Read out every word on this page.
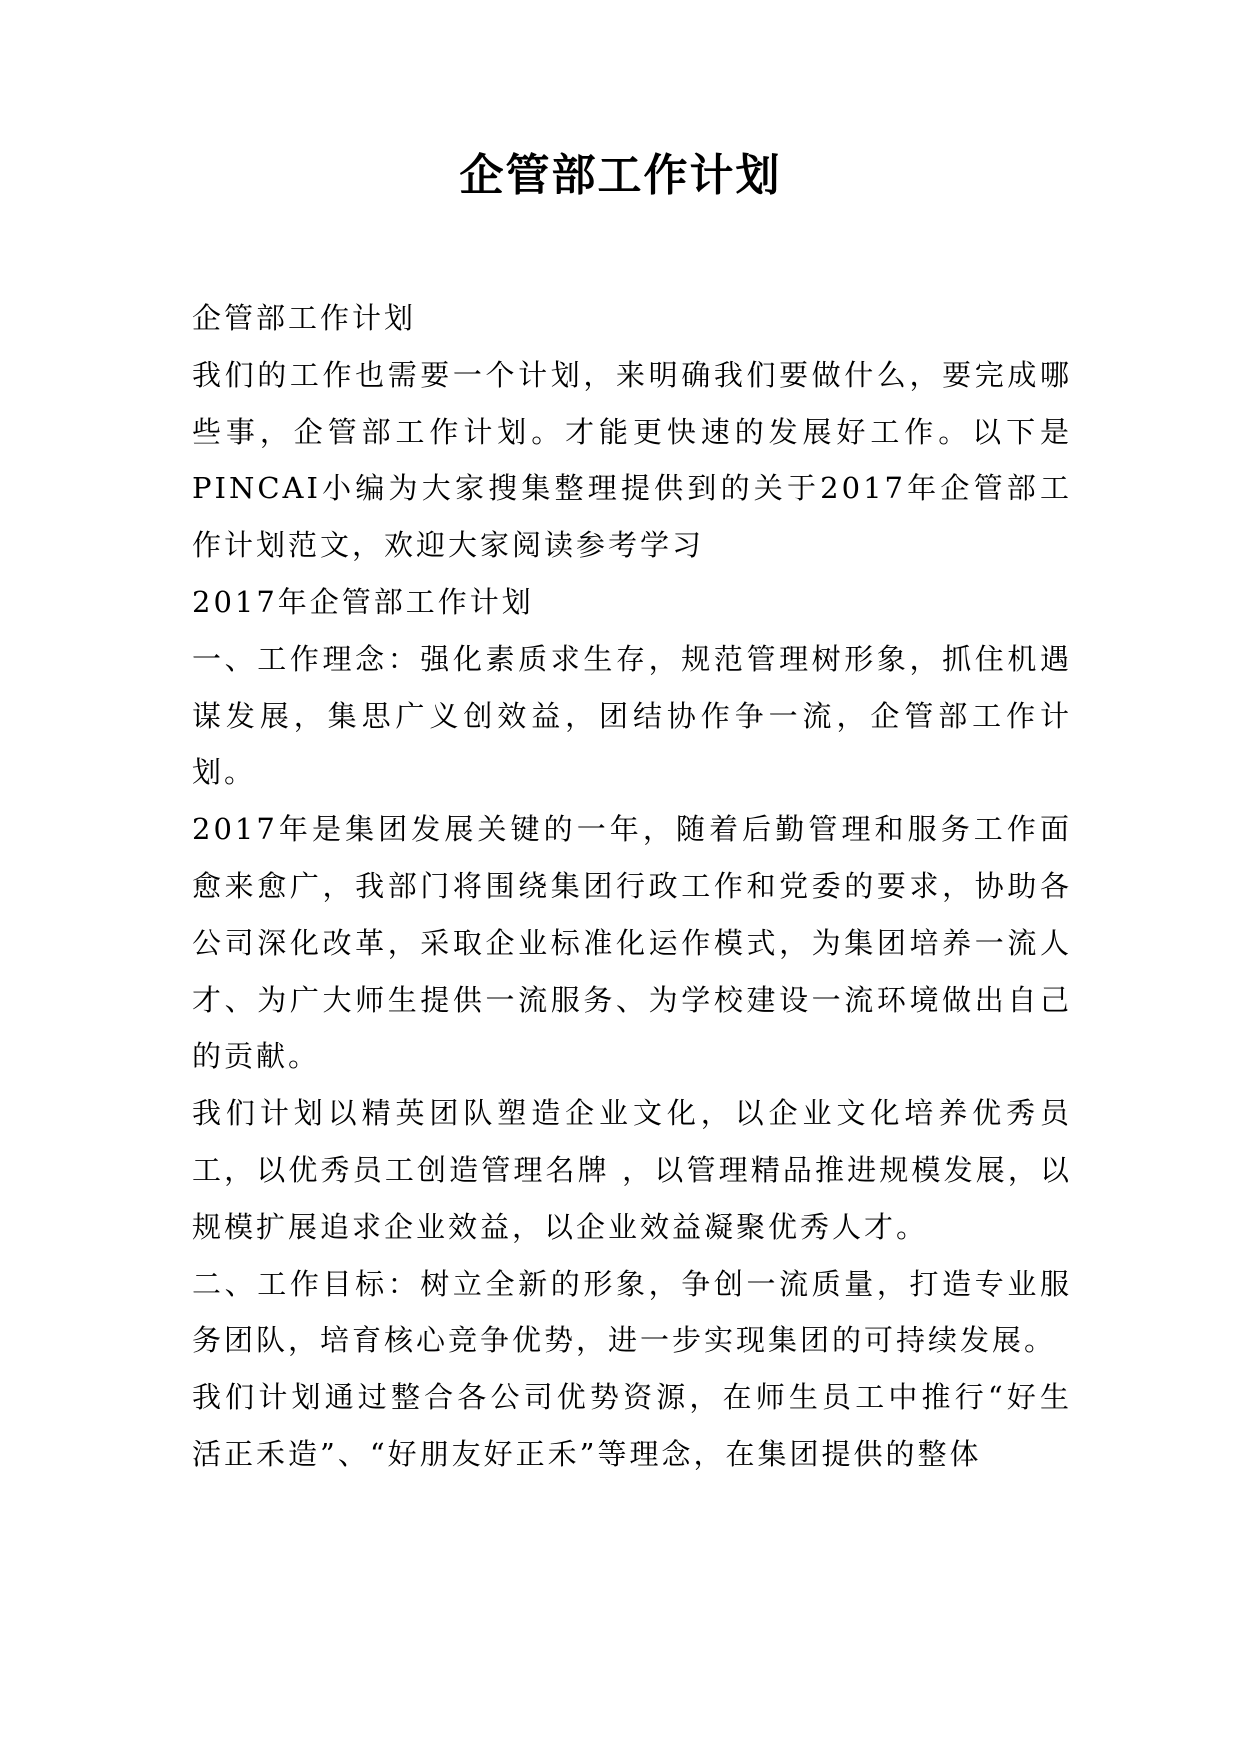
企管部工作计划

企管部工作计划

我们的工作也需要一个计划，来明确我们要做什么，要完成哪些事，企管部工作计划。才能更快速的发展好工作。以下是PINCAI小编为大家搜集整理提供到的关于2017年企管部工作计划范文，欢迎大家阅读参考学习

2017年企管部工作计划

一、工作理念：强化素质求生存，规范管理树形象，抓住机遇谋发展，集思广义创效益，团结协作争一流，企管部工作计划。

2017年是集团发展关键的一年，随着后勤管理和服务工作面愈来愈广，我部门将围绕集团行政工作和党委的要求，协助各公司深化改革，采取企业标准化运作模式，为集团培养一流人才、为广大师生提供一流服务、为学校建设一流环境做出自己的贡献。

我们计划以精英团队塑造企业文化，以企业文化培养优秀员工，以优秀员工创造管理名牌 ，以管理精品推进规模发展，以规模扩展追求企业效益，以企业效益凝聚优秀人才。

二、工作目标：树立全新的形象，争创一流质量，打造专业服务团队，培育核心竞争优势，进一步实现集团的可持续发展。

我们计划通过整合各公司优势资源，在师生员工中推行“好生活正禾造”、“好朋友好正禾”等理念，在集团提供的整体
